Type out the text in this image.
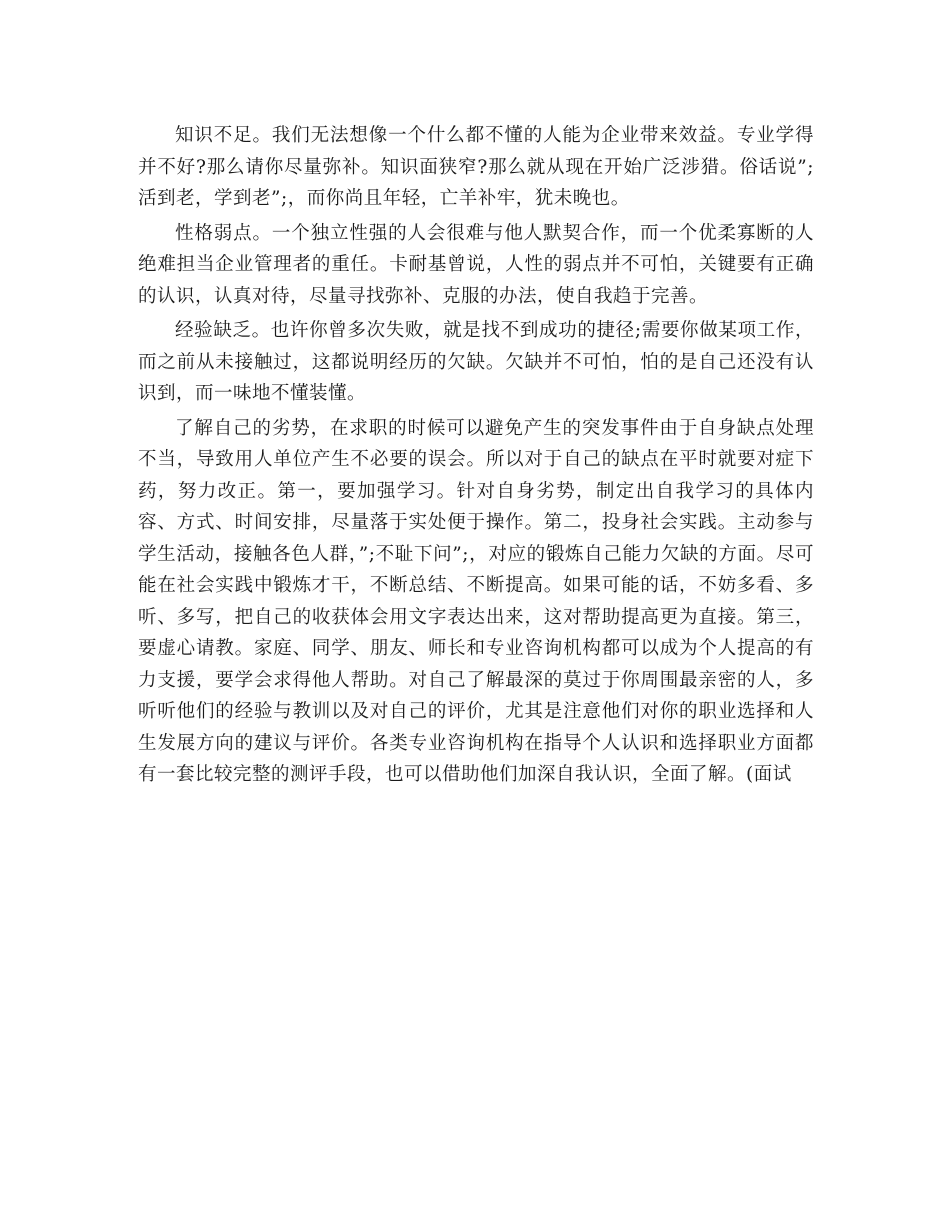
知识不足。我们无法想像一个什么都不懂的人能为企业带来效益。专业学得并不好?那么请你尽量弥补。知识面狭窄?那么就从现在开始广泛涉猎。俗话说”;活到老，学到老”;，而你尚且年轻，亡羊补牢，犹未晚也。

性格弱点。一个独立性强的人会很难与他人默契合作，而一个优柔寡断的人绝难担当企业管理者的重任。卡耐基曾说，人性的弱点并不可怕，关键要有正确的认识，认真对待，尽量寻找弥补、克服的办法，使自我趋于完善。

经验缺乏。也许你曾多次失败，就是找不到成功的捷径;需要你做某项工作，而之前从未接触过，这都说明经历的欠缺。欠缺并不可怕，怕的是自己还没有认识到，而一味地不懂装懂。

了解自己的劣势，在求职的时候可以避免产生的突发事件由于自身缺点处理不当，导致用人单位产生不必要的误会。所以对于自己的缺点在平时就要对症下药，努力改正。第一，要加强学习。针对自身劣势，制定出自我学习的具体内容、方式、时间安排，尽量落于实处便于操作。第二，投身社会实践。主动参与学生活动，接触各色人群，”;不耻下问”;，对应的锻炼自己能力欠缺的方面。尽可能在社会实践中锻炼才干，不断总结、不断提高。如果可能的话，不妨多看、多听、多写，把自己的收获体会用文字表达出来，这对帮助提高更为直接。第三，要虚心请教。家庭、同学、朋友、师长和专业咨询机构都可以成为个人提高的有力支援，要学会求得他人帮助。对自己了解最深的莫过于你周围最亲密的人，多听听他们的经验与教训以及对自己的评价，尤其是注意他们对你的职业选择和人生发展方向的建议与评价。各类专业咨询机构在指导个人认识和选择职业方面都有一套比较完整的测评手段，也可以借助他们加深自我认识，全面了解。(面试
